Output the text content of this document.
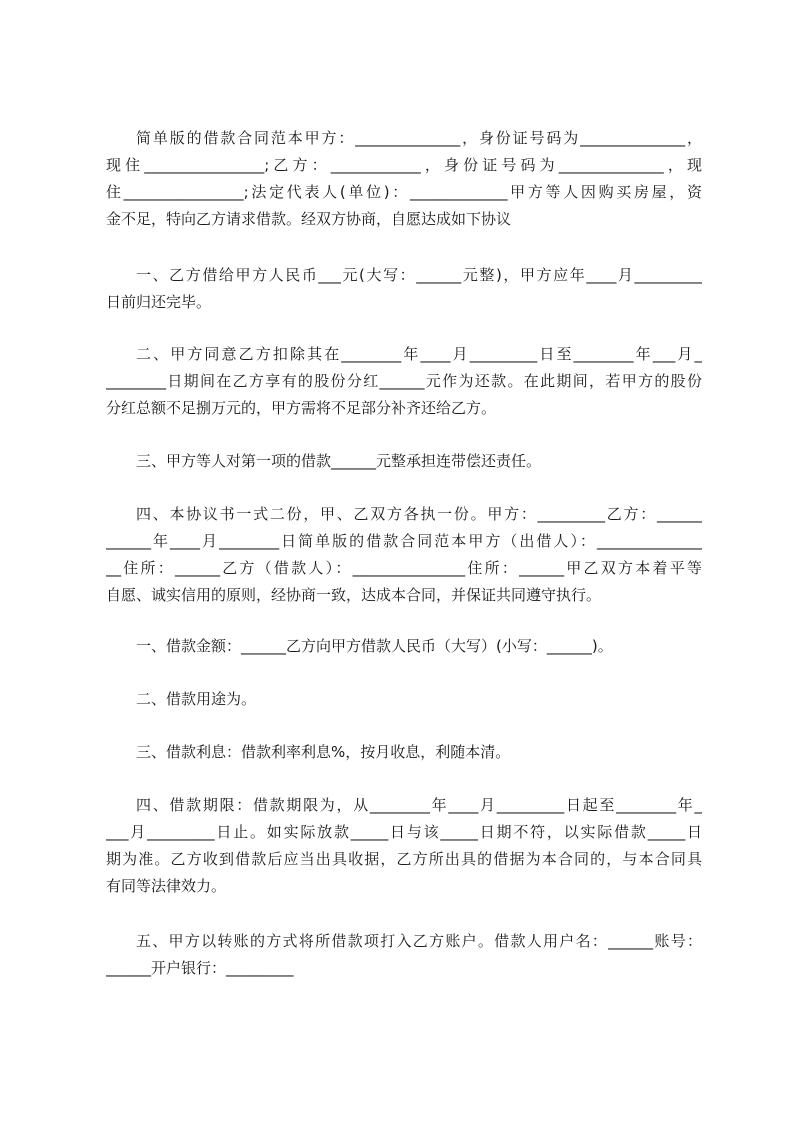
简单版的借款合同范本甲方：______________，身份证号码为______________，
现住________________;乙方：____________，身份证号码为______________，现
住________________;法定代表人(单位)：_____________甲方等人因购买房屋，资
金不足，特向乙方请求借款。经双方协商，自愿达成如下协议
一、乙方借给甲方人民币___元(大写：______元整)，甲方应年____月_________
日前归还完毕。
二、甲方同意乙方扣除其在________年____月_________日至________年___月_
________日期间在乙方享有的股份分红______元作为还款。在此期间，若甲方的股份
分红总额不足捌万元的，甲方需将不足部分补齐还给乙方。
三、甲方等人对第一项的借款______元整承担连带偿还责任。
四、本协议书一式二份，甲、乙双方各执一份。甲方：_________乙方：______
______年____月________日简单版的借款合同范本甲方（出借人）：______________
__住所：______乙方（借款人）：_______________住所：______甲乙双方本着平等
自愿、诚实信用的原则，经协商一致，达成本合同，并保证共同遵守执行。
一、借款金额：______乙方向甲方借款人民币（大写）(小写：______)。
二、借款用途为。
三、借款利息：借款利率利息%，按月收息，利随本清。
四、借款期限：借款期限为，从________年____月_________日起至________年_
___月_________日止。如实际放款_____日与该_____日期不符，以实际借款_____日
期为准。乙方收到借款后应当出具收据，乙方所出具的借据为本合同的，与本合同具
有同等法律效力。
五、甲方以转账的方式将所借款项打入乙方账户。借款人用户名：______账号：
______开户银行：_________
